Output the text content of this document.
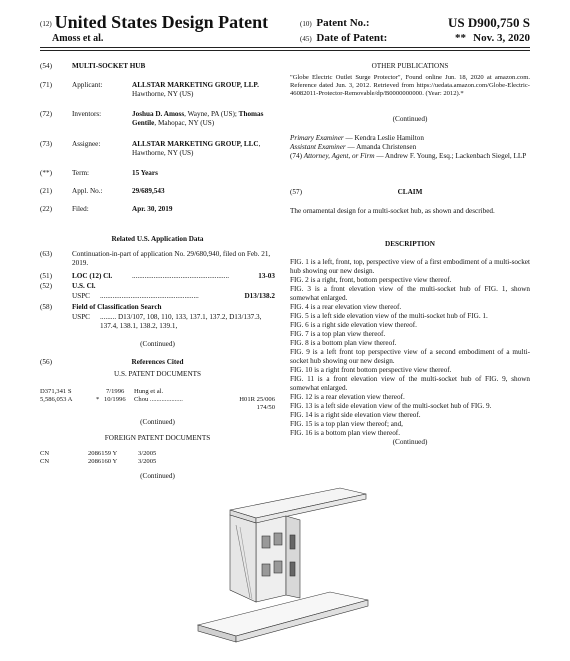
(12) United States Design Patent
Amoss et al.
(10) Patent No.:	US D900,750 S
(45) Date of Patent:	** Nov. 3, 2020
(54)	MULTI-SOCKET HUB
(71)	Applicant:	ALLSTAR MARKETING GROUP, LLP. Hawthorne, NY (US)
(72)	Inventors:	Joshua D. Amoss, Wayne, PA (US); Thomas Gentile, Mahopac, NY (US)
(73)	Assignee:	ALLSTAR MARKETING GROUP, LLC, Hawthorne, NY (US)
(**)	Term:	15 Years
(21)	Appl. No.:	29/689,543
(22)	Filed:	Apr. 30, 2019
Related U.S. Application Data
(63)	Continuation-in-part of application No. 29/680,940, filed on Feb. 21, 2019.
(51)	LOC (12) Cl.	......................................................	13-03
(52)	U.S. Cl.
USPC .......................................................	D13/138.2
(58)	Field of Classification Search
USPC ......... D13/107, 108, 110, 133, 137.1, 137.2, D13/137.3, 137.4, 138.1, 138.2, 139.1,
(Continued)
(56)	References Cited
U.S. PATENT DOCUMENTS
D371,341 S	7/1996 Hung et al.
5,586,053 A	* 10/1996 Chou ....................	H01R 25/006
174/50
(Continued)
FOREIGN PATENT DOCUMENTS
CN	2086159 Y	3/2005
CN	2086160 Y	3/2005
(Continued)
OTHER PUBLICATIONS
"Globe Electric Outlet Surge Protector", Found online Jun. 18, 2020 at amazon.com. Reference dated Jun. 3, 2012. Retrieved from https://uedata.amazon.com/Globe-Electric-46082011-Protector-Removable/dp/B0000000000. (Year: 2012).*
(Continued)
Primary Examiner — Kendra Leslie Hamilton
Assistant Examiner — Amanda Christensen
(74) Attorney, Agent, or Firm — Andrew F. Young, Esq.; Lackenbach Siegel, LLP
(57)	CLAIM
The ornamental design for a multi-socket hub, as shown and described.
DESCRIPTION
FIG. 1 is a left, front, top, perspective view of a first embodiment of a multi-socket hub showing our new design.
FIG. 2 is a right, front, bottom perspective view thereof.
FIG. 3 is a front elevation view of the multi-socket hub of FIG. 1, shown somewhat enlarged.
FIG. 4 is a rear elevation view thereof.
FIG. 5 is a left side elevation view of the multi-socket hub of FIG. 1.
FIG. 6 is a right side elevation view thereof.
FIG. 7 is a top plan view thereof.
FIG. 8 is a bottom plan view thereof.
FIG. 9 is a left front top perspective view of a second embodiment of a multi-socket hub showing our new design.
FIG. 10 is a right front bottom perspective view thereof.
FIG. 11 is a front elevation view of the multi-socket hub of FIG. 9, shown somewhat enlarged.
FIG. 12 is a rear elevation view thereof.
FIG. 13 is a left side elevation view of the multi-socket hub of FIG. 9.
FIG. 14 is a right side elevation view thereof.
FIG. 15 is a top plan view thereof; and,
FIG. 16 is a bottom plan view thereof.
(Continued)
